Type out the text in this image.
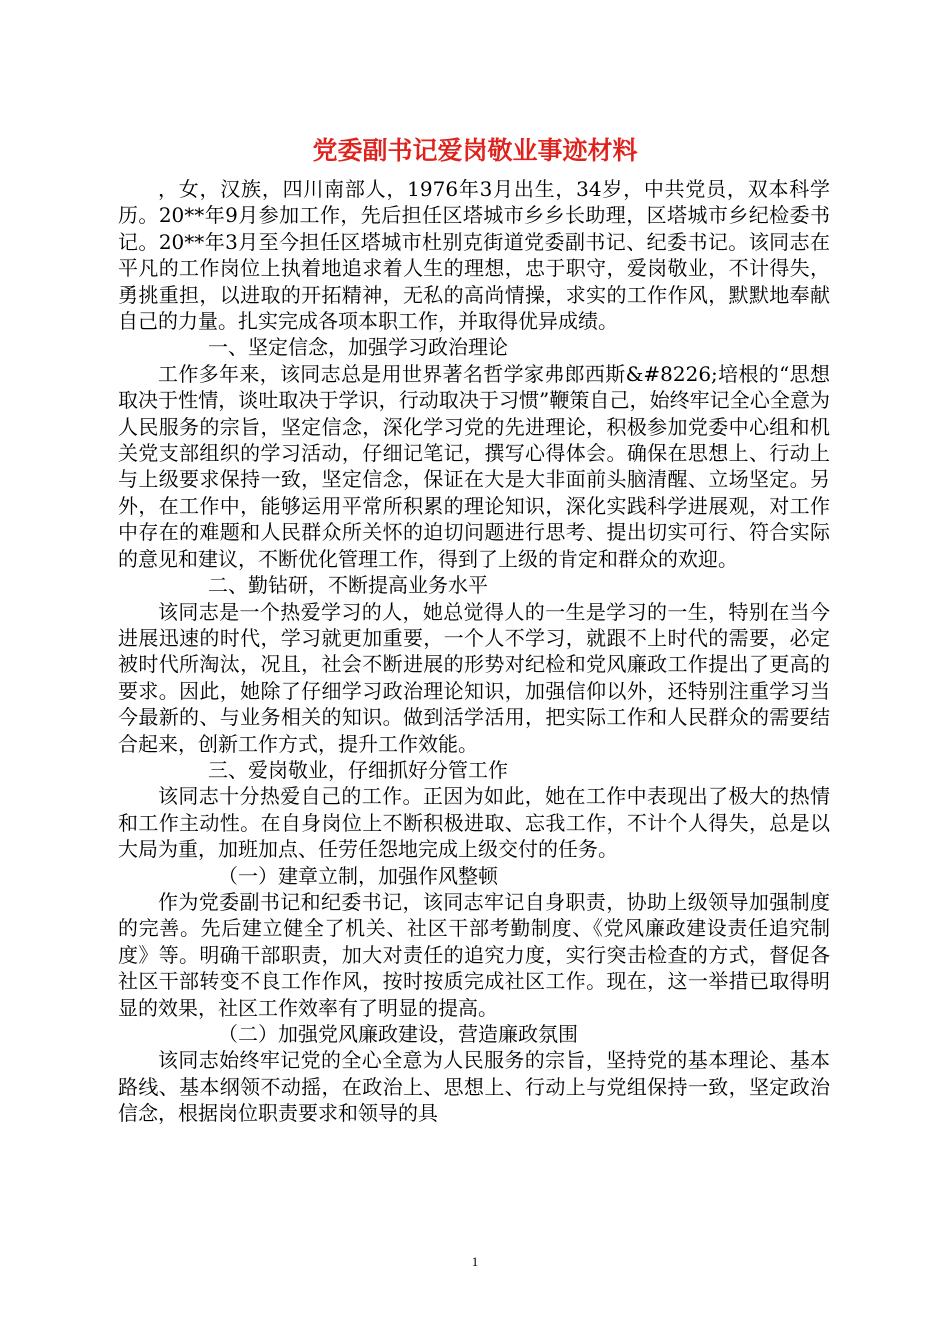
党委副书记爱岗敬业事迹材料

，女，汉族，四川南部人，1976年3月出生，34岁，中共党员，双本科学历。20**年9月参加工作，先后担任区塔城市乡乡长助理，区塔城市乡纪检委书记。20**年3月至今担任区塔城市杜别克街道党委副书记、纪委书记。该同志在平凡的工作岗位上执着地追求着人生的理想，忠于职守，爱岗敬业，不计得失，勇挑重担，以进取的开拓精神，无私的高尚情操，求实的工作作风，默默地奉献自己的力量。扎实完成各项本职工作，并取得优异成绩。

一、坚定信念，加强学习政治理论

工作多年来，该同志总是用世界著名哲学家弗郎西斯&#8226;培根的“思想取决于性情，谈吐取决于学识，行动取决于习惯”鞭策自己，始终牢记全心全意为人民服务的宗旨，坚定信念，深化学习党的先进理论，积极参加党委中心组和机关党支部组织的学习活动，仔细记笔记，撰写心得体会。确保在思想上、行动上与上级要求保持一致，坚定信念，保证在大是大非面前头脑清醒、立场坚定。另外，在工作中，能够运用平常所积累的理论知识，深化实践科学进展观，对工作中存在的难题和人民群众所关怀的迫切问题进行思考、提出切实可行、符合实际的意见和建议，不断优化管理工作，得到了上级的肯定和群众的欢迎。

二、勤钻研，不断提高业务水平

该同志是一个热爱学习的人，她总觉得人的一生是学习的一生，特别在当今进展迅速的时代，学习就更加重要，一个人不学习，就跟不上时代的需要，必定被时代所淘汰，况且，社会不断进展的形势对纪检和党风廉政工作提出了更高的要求。因此，她除了仔细学习政治理论知识，加强信仰以外，还特别注重学习当今最新的、与业务相关的知识。做到活学活用，把实际工作和人民群众的需要结合起来，创新工作方式，提升工作效能。

三、爱岗敬业，仔细抓好分管工作

该同志十分热爱自己的工作。正因为如此，她在工作中表现出了极大的热情和工作主动性。在自身岗位上不断积极进取、忘我工作，不计个人得失，总是以大局为重，加班加点、任劳任怨地完成上级交付的任务。

（一）建章立制，加强作风整顿

作为党委副书记和纪委书记，该同志牢记自身职责，协助上级领导加强制度的完善。先后建立健全了机关、社区干部考勤制度、《党风廉政建设责任追究制度》等。明确干部职责，加大对责任的追究力度，实行突击检查的方式，督促各社区干部转变不良工作作风，按时按质完成社区工作。现在，这一举措已取得明显的效果，社区工作效率有了明显的提高。

（二）加强党风廉政建设，营造廉政氛围

该同志始终牢记党的全心全意为人民服务的宗旨，坚持党的基本理论、基本路线、基本纲领不动摇，在政治上、思想上、行动上与党组保持一致，坚定政治信念，根据岗位职责要求和领导的具

1
